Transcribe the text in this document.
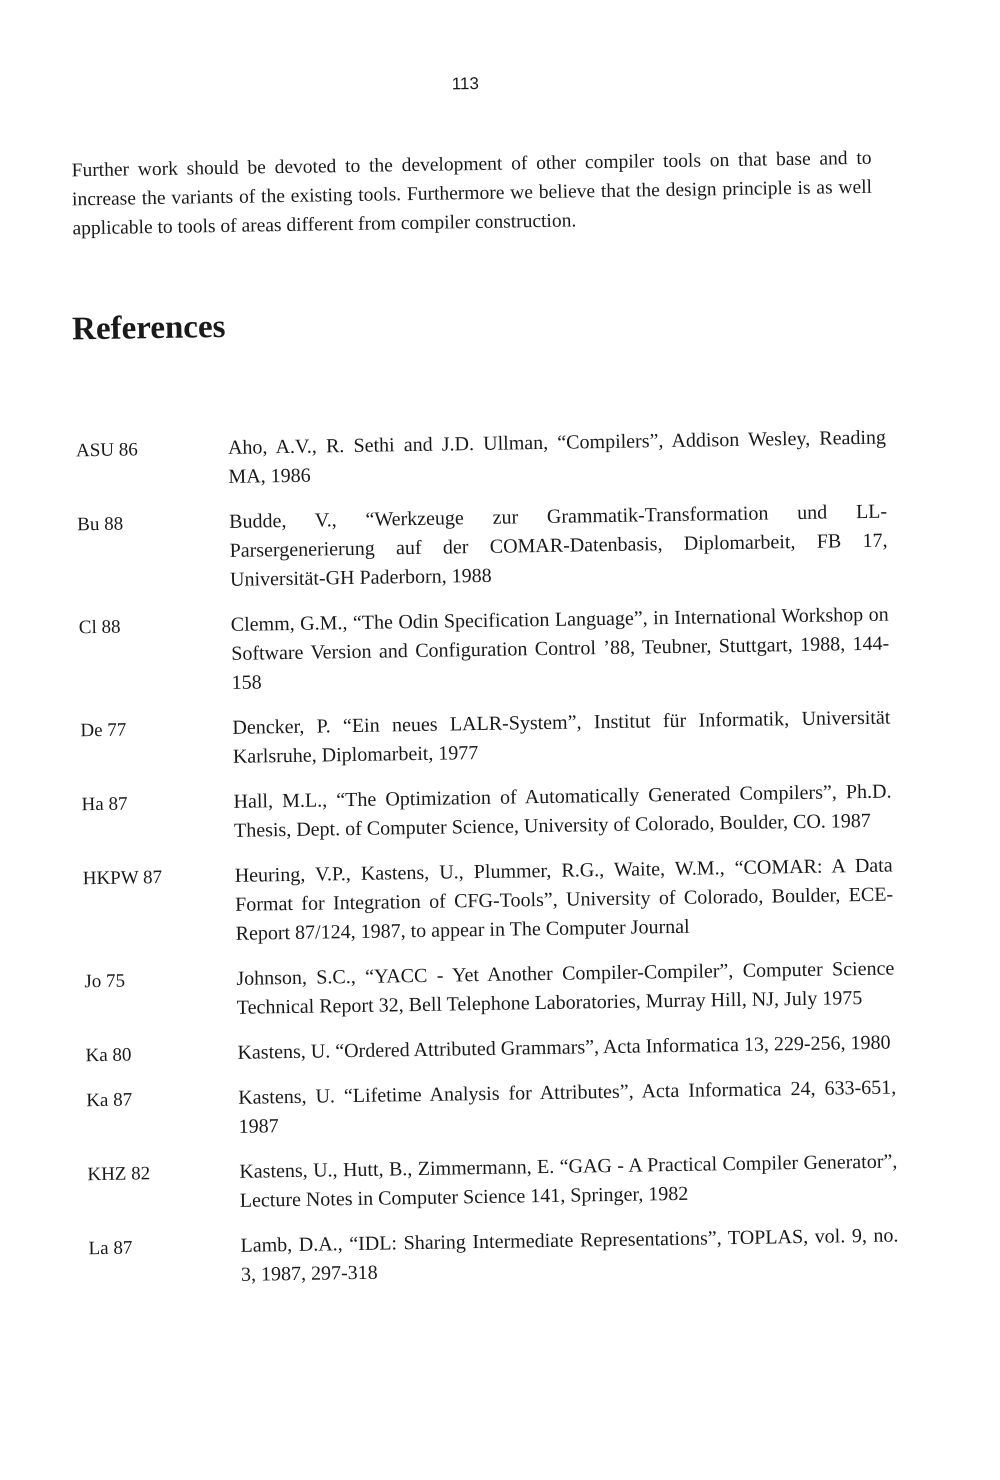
113

Further work should be devoted to the development of other compiler tools on that base and to increase the variants of the existing tools. Furthermore we believe that the design principle is as well applicable to tools of areas different from compiler construction.

References
ASU 86	Aho, A.V., R. Sethi and J.D. Ullman, “Compilers”, Addison Wesley, Reading MA, 1986
Bu 88	Budde, V., “Werkzeuge zur Grammatik-Transformation und LL-Parsergenerierung auf der COMAR-Datenbasis, Diplomarbeit, FB 17, Universität-GH Paderborn, 1988
Cl 88	Clemm, G.M., “The Odin Specification Language”, in International Workshop on Software Version and Configuration Control ’88, Teubner, Stuttgart, 1988, 144-158
De 77	Dencker, P. “Ein neues LALR-System”, Institut für Informatik, Universität Karlsruhe, Diplomarbeit, 1977
Ha 87	Hall, M.L., “The Optimization of Automatically Generated Compilers”, Ph.D. Thesis, Dept. of Computer Science, University of Colorado, Boulder, CO. 1987
HKPW 87	Heuring, V.P., Kastens, U., Plummer, R.G., Waite, W.M., “COMAR: A Data Format for Integration of CFG-Tools”, University of Colorado, Boulder, ECE-Report 87/124, 1987, to appear in The Computer Journal
Jo 75	Johnson, S.C., “YACC - Yet Another Compiler-Compiler”, Computer Science Technical Report 32, Bell Telephone Laboratories, Murray Hill, NJ, July 1975
Ka 80	Kastens, U. “Ordered Attributed Grammars”, Acta Informatica 13, 229-256, 1980
Ka 87	Kastens, U. “Lifetime Analysis for Attributes”, Acta Informatica 24, 633-651, 1987
KHZ 82	Kastens, U., Hutt, B., Zimmermann, E. “GAG - A Practical Compiler Generator”, Lecture Notes in Computer Science 141, Springer, 1982
La 87	Lamb, D.A., “IDL: Sharing Intermediate Representations”, TOPLAS, vol. 9, no. 3, 1987, 297-318
